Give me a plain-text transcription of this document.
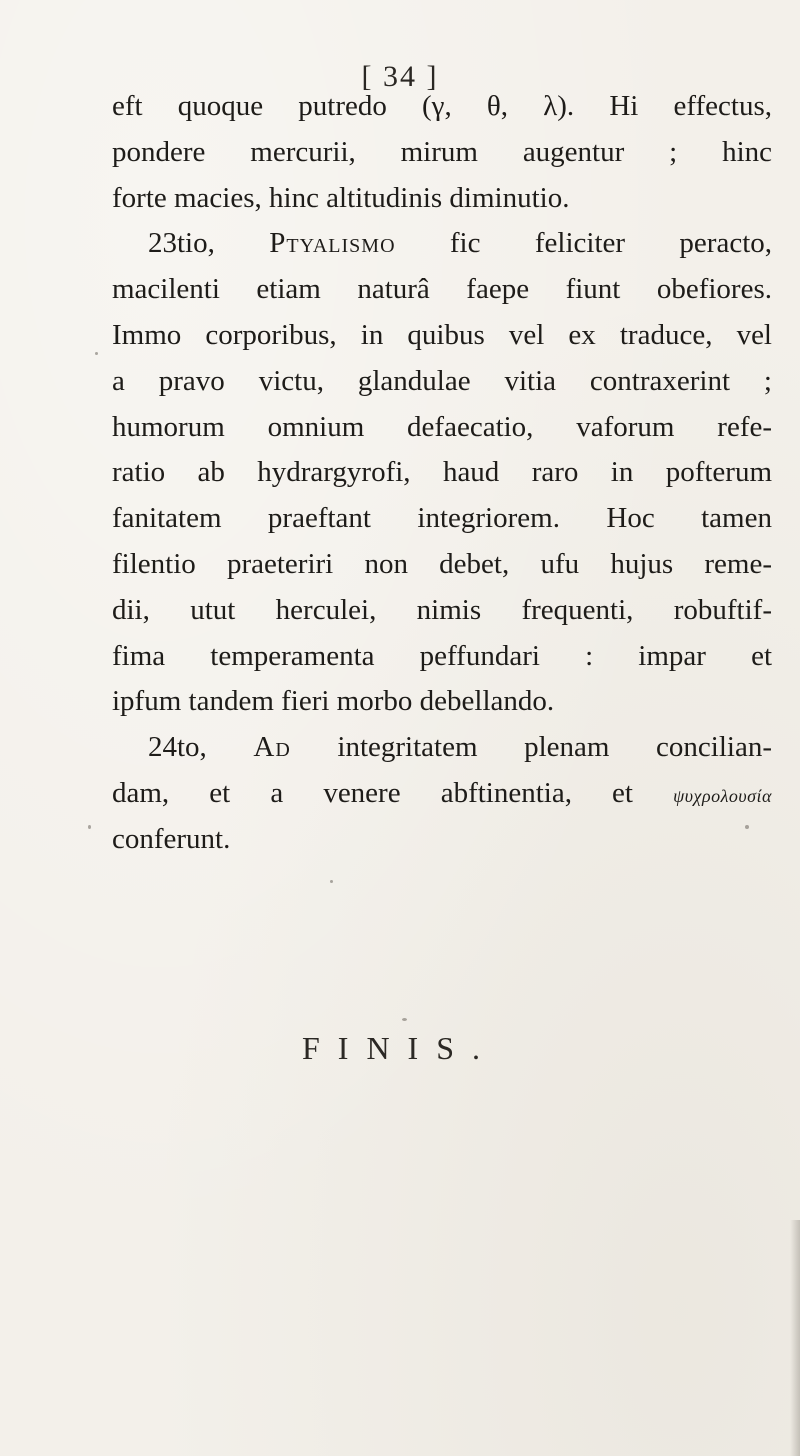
[ 34 ]
eft quoque putredo (γ, θ, λ). Hi effectus,
pondere mercurii, mirum augentur ; hinc
forte macies, hinc altitudinis diminutio.
23tio, Ptyalismo fic feliciter peracto,
macilenti etiam naturâ faepe fiunt obefiores.
Immo corporibus, in quibus vel ex traduce, vel
a pravo victu, glandulae vitia contraxerint ;
humorum omnium defaecatio, vaforum refe-
ratio ab hydrargyrofi, haud raro in pofterum
fanitatem praeftant integriorem. Hoc tamen
filentio praeteriri non debet, ufu hujus reme-
dii, utut herculei, nimis frequenti, robuftif-
fima temperamenta peffundari : impar et
ipfum tandem fieri morbo debellando.
24to, Ad integritatem plenam concilian-
dam, et a venere abftinentia, et ψυχρολουσία
conferunt.
FINIS.
